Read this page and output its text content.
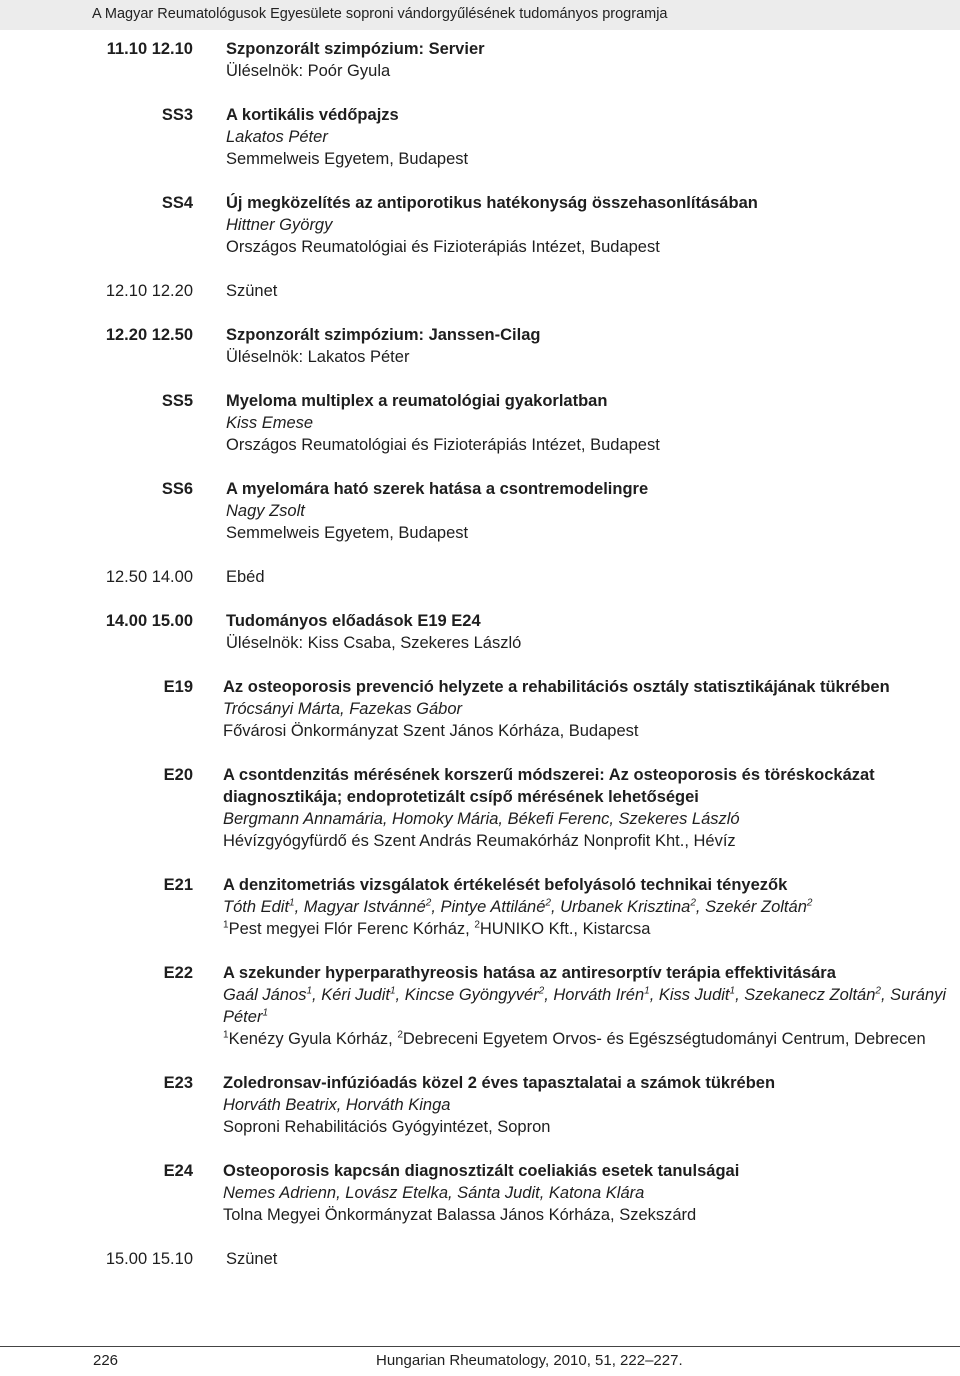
A Magyar Reumatológusok Egyesülete soproni vándorgyűlésének tudományos programja
11.10 12.10 Szponzorált szimpózium: Servier
Üléselnök: Poór Gyula
SS3 A kortikális védőpajzs
Lakatos Péter
Semmelweis Egyetem, Budapest
SS4 Új megközelítés az antiporotikus hatékonyság összehasonlításában
Hittner György
Országos Reumatológiai és Fizioterápiás Intézet, Budapest
12.10 12.20 Szünet
12.20 12.50 Szponzorált szimpózium: Janssen-Cilag
Üléselnök: Lakatos Péter
SS5 Myeloma multiplex a reumatológiai gyakorlatban
Kiss Emese
Országos Reumatológiai és Fizioterápiás Intézet, Budapest
SS6 A myelomára ható szerek hatása a csontremodelingre
Nagy Zsolt
Semmelweis Egyetem, Budapest
12.50 14.00 Ebéd
14.00 15.00 Tudományos előadások E19 E24
Üléselnök: Kiss Csaba, Szekeres László
E19 Az osteoporosis prevenció helyzete a rehabilitációs osztály statisztikájának tükrében
Trócsányi Márta, Fazekas Gábor
Fővárosi Önkormányzat Szent János Kórháza, Budapest
E20 A csontdenzitás mérésének korszerű módszerei: Az osteoporosis és töréskockázat diagnosztikája; endoprotetizált csípő mérésének lehetőségei
Bergmann Annamária, Homoky Mária, Békefi Ferenc, Szekeres László
Hévízgyógyfürdő és Szent András Reumakórház Nonprofit Kht., Hévíz
E21 A denzitometriás vizsgálatok értékelését befolyásoló technikai tényezők
Tóth Edit$^1$, Magyar Istvánné$^2$, Pintye Attiláné$^2$, Urbanek Krisztina$^2$, Szekér Zoltán$^2$
$^1$Pest megyei Flór Ferenc Kórház, $^2$HUNIKO Kft., Kistarcsa
E22 A szekunder hyperparathyreosis hatása az antiresorptív terápia effektivitására
Gaál János$^1$, Kéri Judit$^1$, Kincse Gyöngyvér$^2$, Horváth Irén$^1$, Kiss Judit$^1$, Szekanecz Zoltán$^2$, Surányi Péter$^1$
$^1$Kenézy Gyula Kórház, $^2$Debreceni Egyetem Orvos- és Egészségtudományi Centrum, Debrecen
E23 Zoledronsav-infúzióadás közel 2 éves tapasztalatai a számok tükrében
Horváth Beatrix, Horváth Kinga
Soproni Rehabilitációs Gyógyintézet, Sopron
E24 Osteoporosis kapcsán diagnosztizált coeliakiás esetek tanulságai
Nemes Adrienn, Lovász Etelka, Sánta Judit, Katona Klára
Tolna Megyei Önkormányzat Balassa János Kórháza, Szekszárd
15.00 15.10 Szünet
226	Hungarian Rheumatology, 2010, 51, 222–227.
